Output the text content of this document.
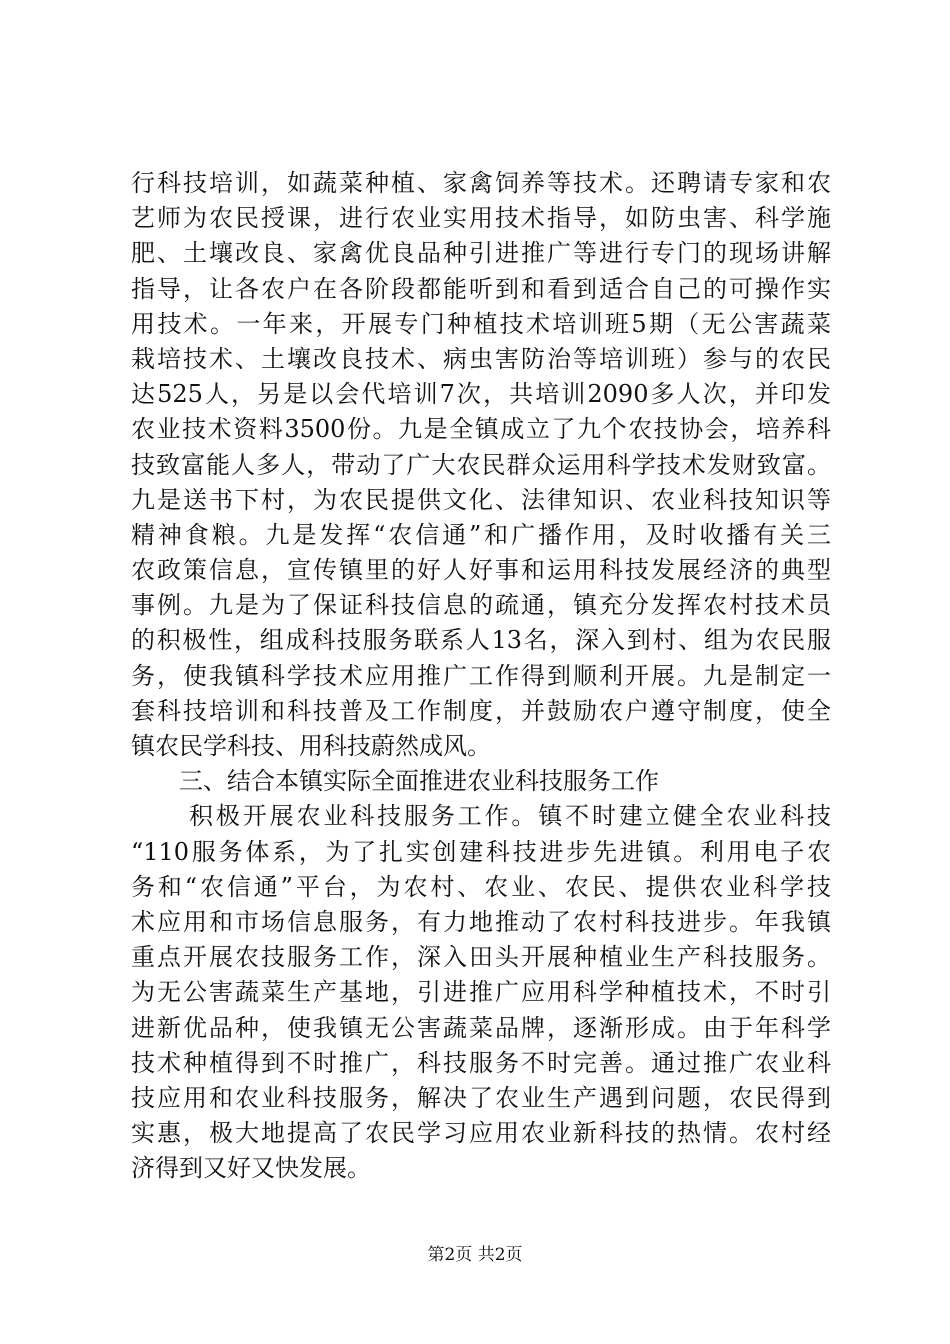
行科技培训，如蔬菜种植、家禽饲养等技术。还聘请专家和农
艺师为农民授课，进行农业实用技术指导，如防虫害、科学施
肥、土壤改良、家禽优良品种引进推广等进行专门的现场讲解
指导，让各农户在各阶段都能听到和看到适合自己的可操作实
用技术。一年来，开展专门种植技术培训班5期（无公害蔬菜
栽培技术、土壤改良技术、病虫害防治等培训班）参与的农民
达525人，另是以会代培训7次，共培训2090多人次，并印发
农业技术资料3500份。九是全镇成立了九个农技协会，培养科
技致富能人多人，带动了广大农民群众运用科学技术发财致富。
九是送书下村，为农民提供文化、法律知识、农业科技知识等
精神食粮。九是发挥“农信通”和广播作用，及时收播有关三
农政策信息，宣传镇里的好人好事和运用科技发展经济的典型
事例。九是为了保证科技信息的疏通，镇充分发挥农村技术员
的积极性，组成科技服务联系人13名，深入到村、组为农民服
务，使我镇科学技术应用推广工作得到顺利开展。九是制定一
套科技培训和科技普及工作制度，并鼓励农户遵守制度，使全
镇农民学科技、用科技蔚然成风。
三、结合本镇实际全面推进农业科技服务工作
积极开展农业科技服务工作。镇不时建立健全农业科技
“110服务体系，为了扎实创建科技进步先进镇。利用电子农
务和“农信通”平台，为农村、农业、农民、提供农业科学技
术应用和市场信息服务，有力地推动了农村科技进步。年我镇
重点开展农技服务工作，深入田头开展种植业生产科技服务。
为无公害蔬菜生产基地，引进推广应用科学种植技术，不时引
进新优品种，使我镇无公害蔬菜品牌，逐渐形成。由于年科学
技术种植得到不时推广，科技服务不时完善。通过推广农业科
技应用和农业科技服务，解决了农业生产遇到问题，农民得到
实惠，极大地提高了农民学习应用农业新科技的热情。农村经
济得到又好又快发展。
第2页 共2页
